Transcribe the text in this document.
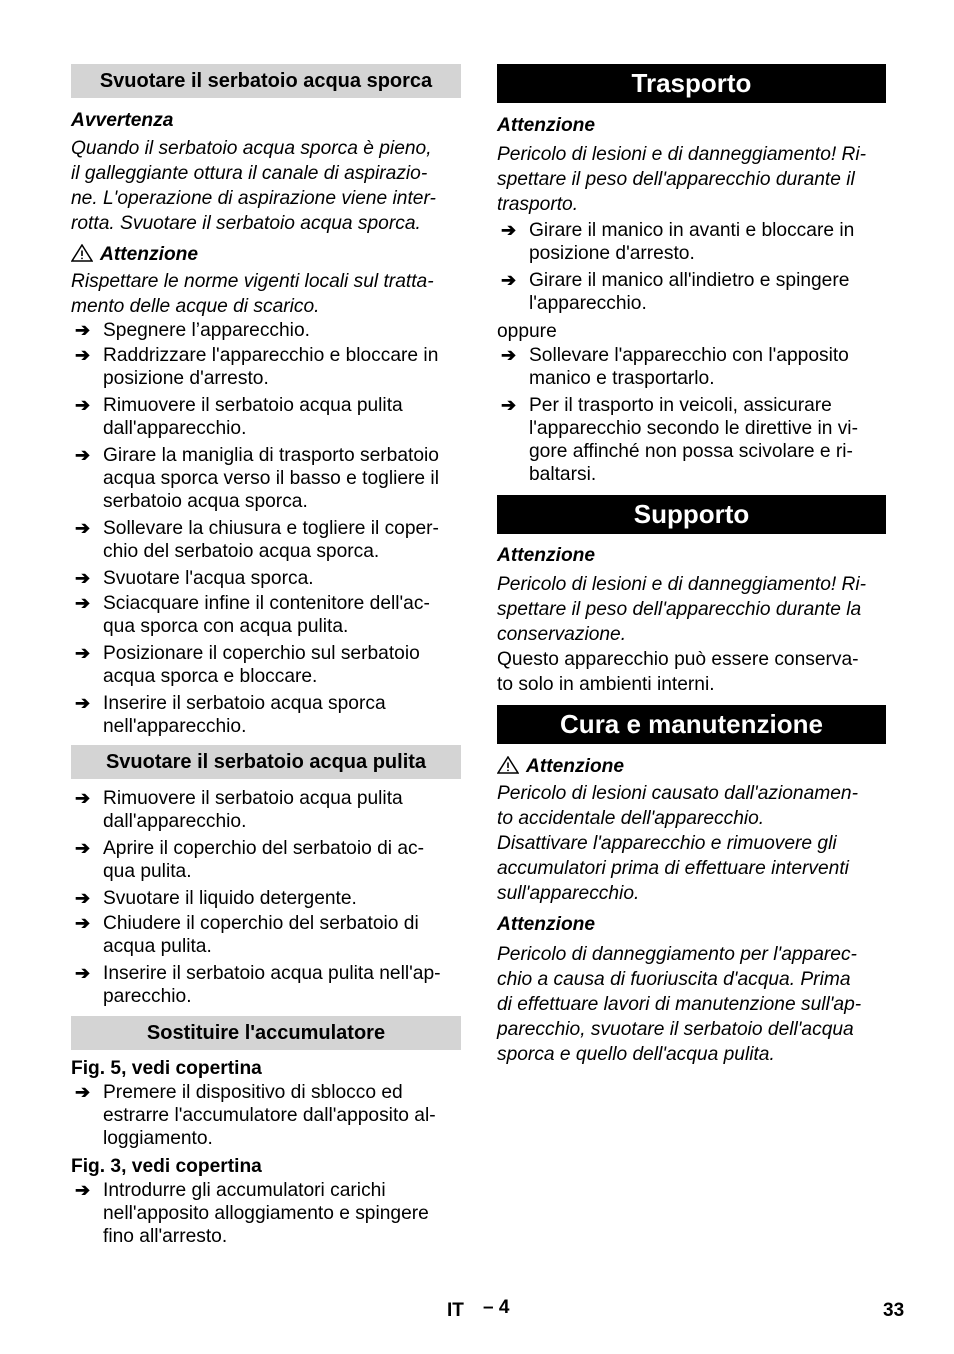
Svuotare il serbatoio acqua sporca
Avvertenza
Quando il serbatoio acqua sporca è pieno,
il galleggiante ottura il canale di aspirazio-
ne. L'operazione di aspirazione viene inter-
rotta. Svuotare il serbatoio acqua sporca.
Attenzione
Rispettare le norme vigenti locali sul tratta-
mento delle acque di scarico.
➔ Spegnere l’apparecchio.
➔ Raddrizzare l'apparecchio e bloccare in
posizione d'arresto.
➔ Rimuovere il serbatoio acqua pulita
dall'apparecchio.
➔ Girare la maniglia di trasporto serbatoio
acqua sporca verso il basso e togliere il
serbatoio acqua sporca.
➔ Sollevare la chiusura e togliere il coper-
chio del serbatoio acqua sporca.
➔ Svuotare l'acqua sporca.
➔ Sciacquare infine il contenitore dell'ac-
qua sporca con acqua pulita.
➔ Posizionare il coperchio sul serbatoio
acqua sporca e bloccare.
➔ Inserire il serbatoio acqua sporca
nell'apparecchio.
Svuotare il serbatoio acqua pulita
➔ Rimuovere il serbatoio acqua pulita
dall'apparecchio.
➔ Aprire il coperchio del serbatoio di ac-
qua pulita.
➔ Svuotare il liquido detergente.
➔ Chiudere il coperchio del serbatoio di
acqua pulita.
➔ Inserire il serbatoio acqua pulita nell'ap-
parecchio.
Sostituire l'accumulatore
Fig. 5, vedi copertina
➔ Premere il dispositivo di sblocco ed
estrarre l'accumulatore dall'apposito al-
loggiamento.
Fig. 3, vedi copertina
➔ Introdurre gli accumulatori carichi
nell'apposito alloggiamento e spingere
fino all'arresto.
Trasporto
Attenzione
Pericolo di lesioni e di danneggiamento! Ri-
spettare il peso dell'apparecchio durante il
trasporto.
➔ Girare il manico in avanti e bloccare in
posizione d'arresto.
➔ Girare il manico all'indietro e spingere
l'apparecchio.
oppure
➔ Sollevare l'apparecchio con l'apposito
manico e trasportarlo.
➔ Per il trasporto in veicoli, assicurare
l'apparecchio secondo le direttive in vi-
gore affinché non possa scivolare e ri-
baltarsi.
Supporto
Attenzione
Pericolo di lesioni e di danneggiamento! Ri-
spettare il peso dell'apparecchio durante la
conservazione.
Questo apparecchio può essere conserva-
to solo in ambienti interni.
Cura e manutenzione
Attenzione
Pericolo di lesioni causato dall'azionamen-
to accidentale dell'apparecchio.
Disattivare l'apparecchio e rimuovere gli
accumulatori prima di effettuare interventi
sull'apparecchio.
Attenzione
Pericolo di danneggiamento per l'apparec-
chio a causa di fuoriuscita d'acqua. Prima
di effettuare lavori di manutenzione sull'ap-
parecchio, svuotare il serbatoio dell'acqua
sporca e quello dell'acqua pulita.
IT – 4	33
